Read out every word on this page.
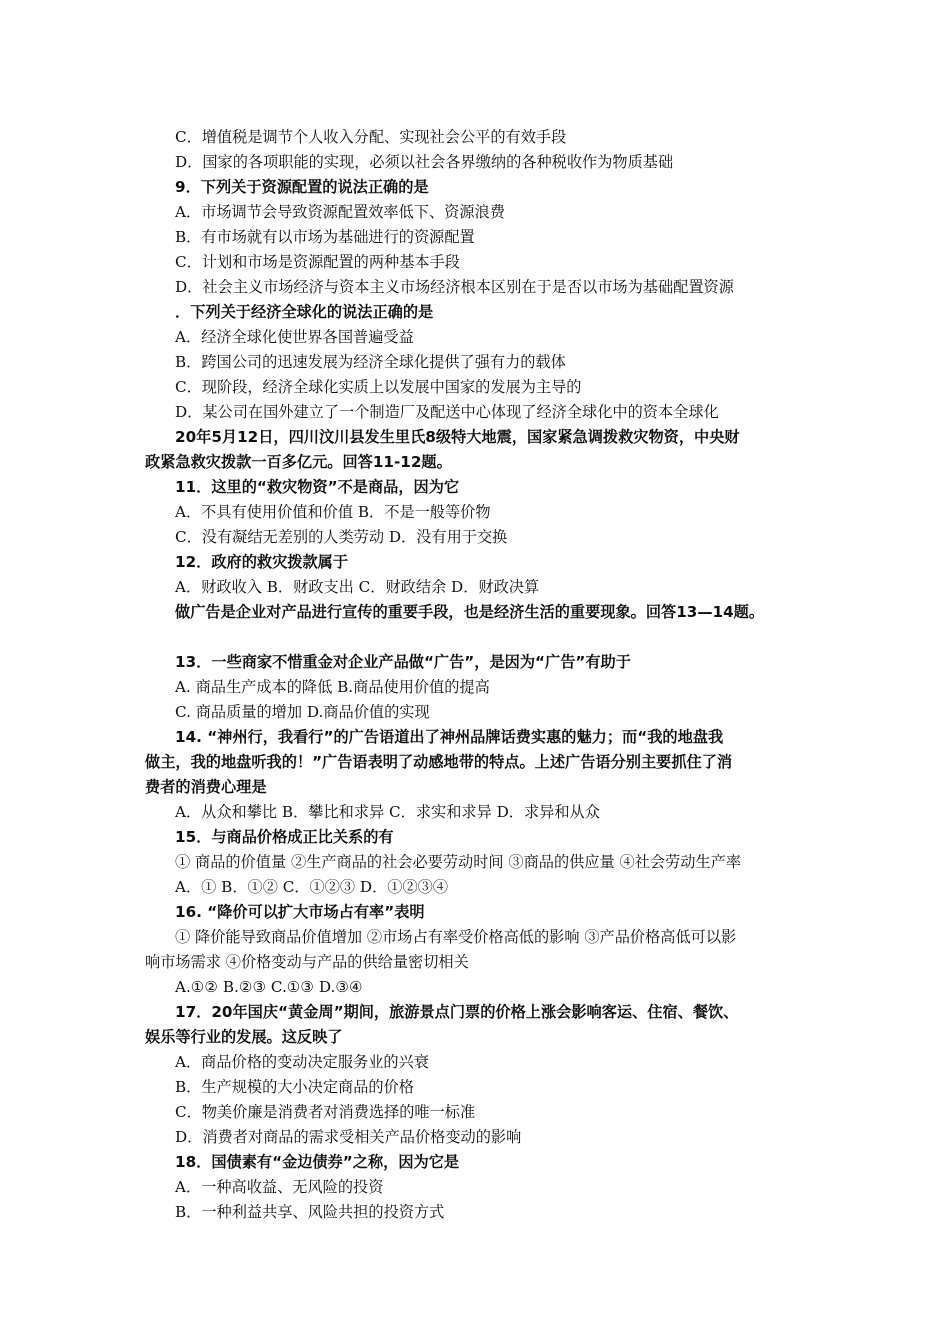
C．增值税是调节个人收入分配、实现社会公平的有效手段
D．国家的各项职能的实现，必须以社会各界缴纳的各种税收作为物质基础
9．下列关于资源配置的说法正确的是
A．市场调节会导致资源配置效率低下、资源浪费
B．有市场就有以市场为基础进行的资源配置
C．计划和市场是资源配置的两种基本手段
D．社会主义市场经济与资本主义市场经济根本区别在于是否以市场为基础配置资源
．下列关于经济全球化的说法正确的是
A．经济全球化使世界各国普遍受益
B．跨国公司的迅速发展为经济全球化提供了强有力的载体
C．现阶段，经济全球化实质上以发展中国家的发展为主导的
D．某公司在国外建立了一个制造厂及配送中心体现了经济全球化中的资本全球化
20年5月12日，四川汶川县发生里氏8级特大地震，国家紧急调拨救灾物资，中央财
政紧急救灾拨款一百多亿元。回答11-12题。
11．这里的“救灾物资”不是商品，因为它
A．不具有使用价值和价值 B．不是一般等价物
C．没有凝结无差别的人类劳动 D．没有用于交换
12．政府的救灾拨款属于
A．财政收入 B．财政支出 C．财政结余 D．财政决算
做广告是企业对产品进行宣传的重要手段，也是经济生活的重要现象。回答13—14题。
13．一些商家不惜重金对企业产品做“广告”，是因为“广告”有助于
A. 商品生产成本的降低 B.商品使用价值的提高
C. 商品质量的增加 D.商品价值的实现
14. “神州行，我看行”的广告语道出了神州品牌话费实惠的魅力；而“我的地盘我
做主，我的地盘听我的！”广告语表明了动感地带的特点。上述广告语分别主要抓住了消
费者的消费心理是
A．从众和攀比 B．攀比和求异 C．求实和求异 D．求异和从众
15．与商品价格成正比关系的有
① 商品的价值量 ②生产商品的社会必要劳动时间 ③商品的供应量 ④社会劳动生产率
A．① B．①② C．①②③ D．①②③④
16. “降价可以扩大市场占有率”表明
① 降价能导致商品价值增加 ②市场占有率受价格高低的影响 ③产品价格高低可以影
响市场需求 ④价格变动与产品的供给量密切相关
A.①② B.②③ C.①③ D.③④
17．20年国庆“黄金周”期间，旅游景点门票的价格上涨会影响客运、住宿、餐饮、
娱乐等行业的发展。这反映了
A．商品价格的变动决定服务业的兴衰
B．生产规模的大小决定商品的价格
C．物美价廉是消费者对消费选择的唯一标准
D．消费者对商品的需求受相关产品价格变动的影响
18．国债素有“金边债券”之称，因为它是
A．一种高收益、无风险的投资
B．一种利益共享、风险共担的投资方式
